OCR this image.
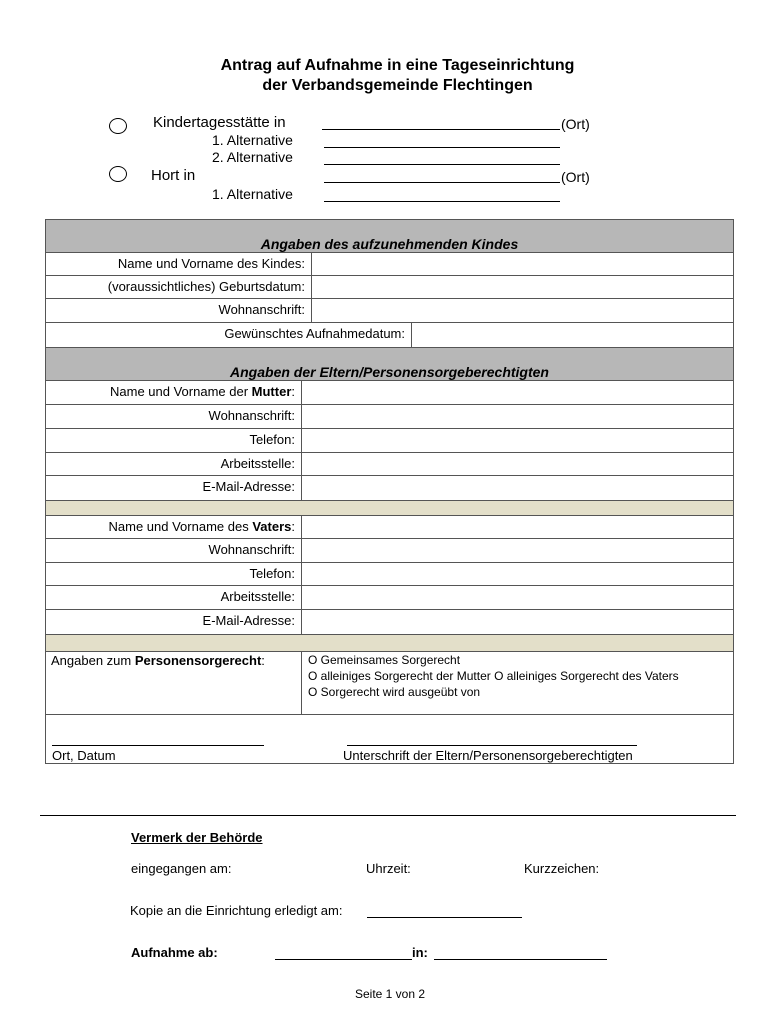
Antrag auf Aufnahme in eine Tageseinrichtung
der Verbandsgemeinde Flechtingen
Kindertagesstätte in	(Ort)
1. Alternative
2. Alternative
Hort in	(Ort)
1. Alternative
Angaben des aufzunehmenden Kindes
Name und Vorname des Kindes:
(voraussichtliches) Geburtsdatum:
Wohnanschrift:
Gewünschtes Aufnahmedatum:
Angaben der Eltern/Personensorgeberechtigten
Name und Vorname der Mutter:
Wohnanschrift:
Telefon:
Arbeitsstelle:
E-Mail-Adresse:
Name und Vorname des Vaters:
Wohnanschrift:
Telefon:
Arbeitsstelle:
E-Mail-Adresse:
Angaben zum Personensorgerecht:	O Gemeinsames Sorgerecht
O alleiniges Sorgerecht der Mutter O alleiniges Sorgerecht des Vaters
O Sorgerecht wird ausgeübt von
Ort, Datum	Unterschrift der Eltern/Personensorgeberechtigten
Vermerk der Behörde
eingegangen am:	Uhrzeit:	Kurzzeichen:
Kopie an die Einrichtung erledigt am:
Aufnahme ab:	in:
Seite 1 von 2
